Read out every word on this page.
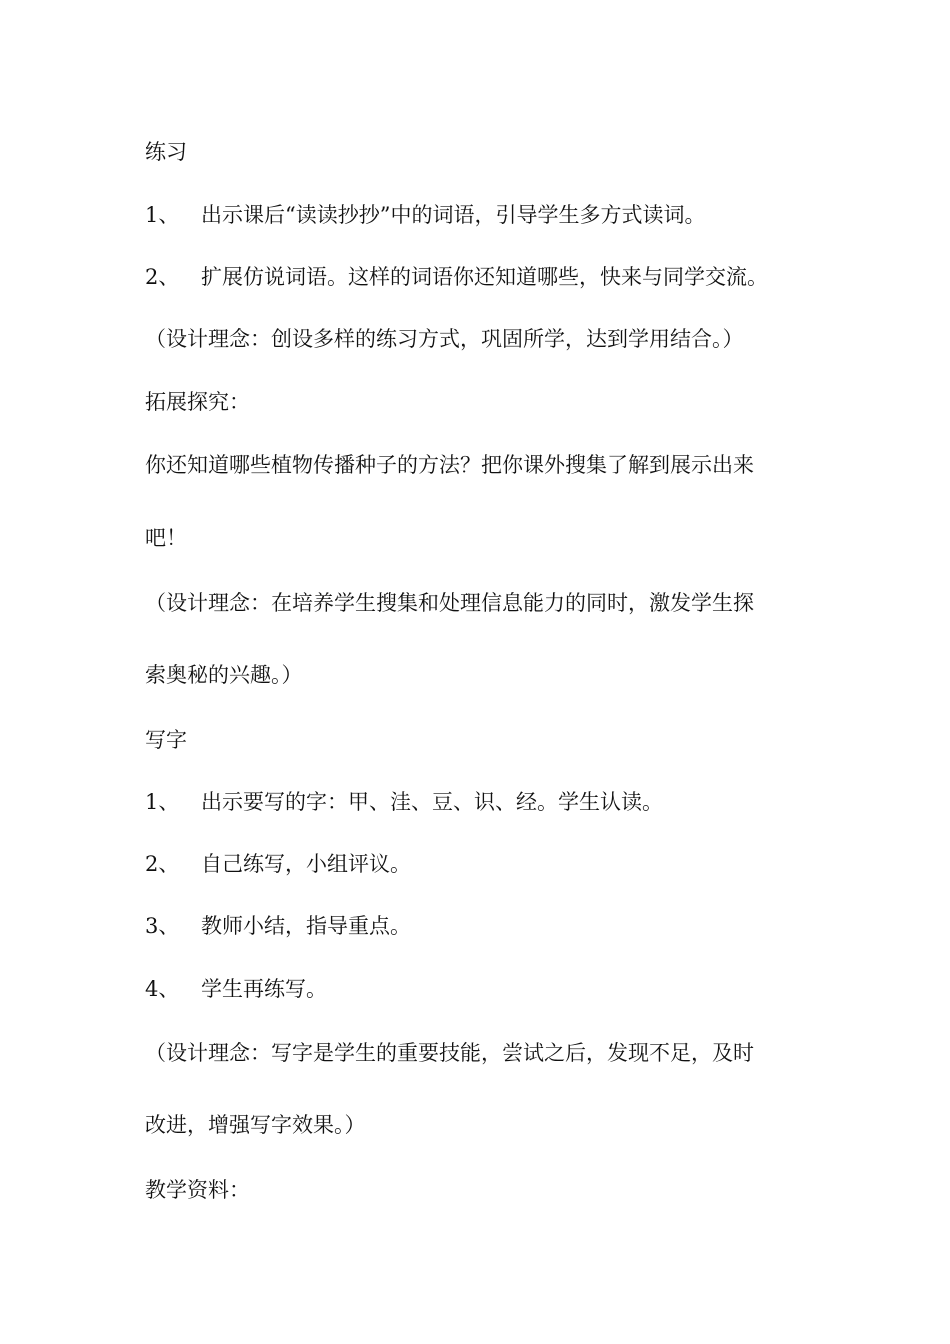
练习
1、 出示课后“读读抄抄”中的词语，引导学生多方式读词。
2、 扩展仿说词语。这样的词语你还知道哪些，快来与同学交流。
（设计理念：创设多样的练习方式，巩固所学，达到学用结合。）
拓展探究：
你还知道哪些植物传播种子的方法？把你课外搜集了解到展示出来
吧！
（设计理念：在培养学生搜集和处理信息能力的同时，激发学生探
索奥秘的兴趣。）
写字
1、 出示要写的字：甲、洼、豆、识、经。学生认读。
2、 自己练写，小组评议。
3、 教师小结，指导重点。
4、 学生再练写。
（设计理念：写字是学生的重要技能，尝试之后，发现不足，及时
改进，增强写字效果。）
教学资料：
